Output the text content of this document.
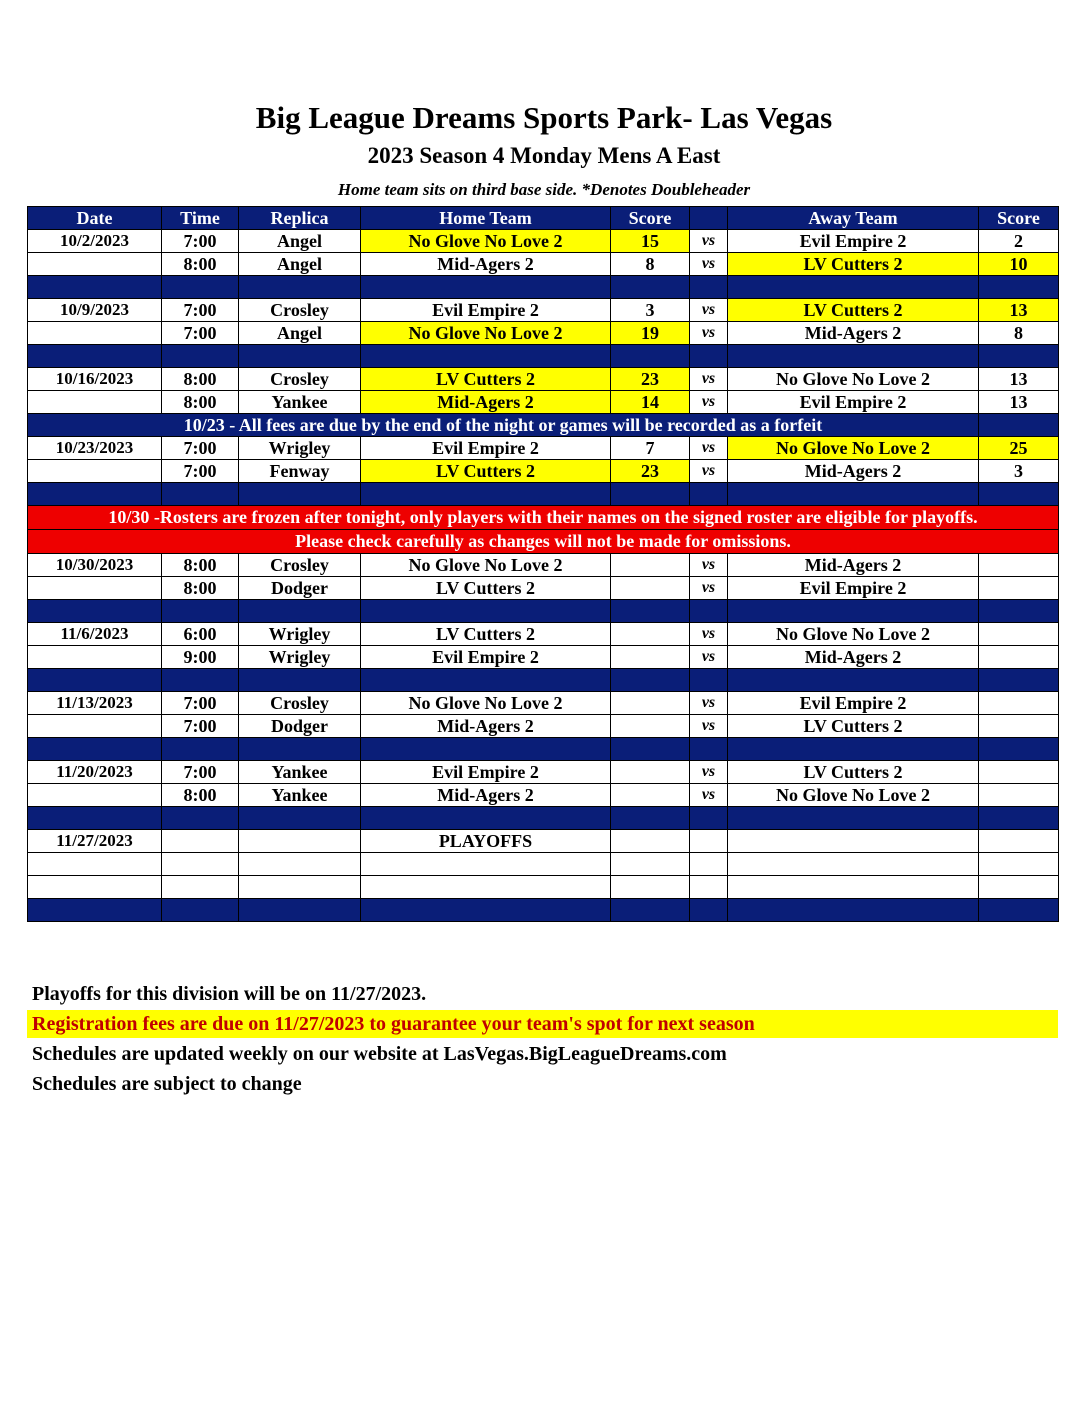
Big League Dreams Sports Park- Las Vegas
2023 Season 4 Monday Mens A East
Home team sits on third base side. *Denotes Doubleheader
Date	Time	Replica	Home Team	Score		Away Team	Score
10/2/2023	7:00	Angel	No Glove No Love 2	15	vs	Evil Empire 2	2
	8:00	Angel	Mid-Agers 2	8	vs	LV Cutters 2	10

10/9/2023	7:00	Crosley	Evil Empire 2	3	vs	LV Cutters 2	13
	7:00	Angel	No Glove No Love 2	19	vs	Mid-Agers 2	8

10/16/2023	8:00	Crosley	LV Cutters 2	23	vs	No Glove No Love 2	13
	8:00	Yankee	Mid-Agers 2	14	vs	Evil Empire 2	13
10/23 - All fees are due by the end of the night or games will be recorded as a forfeit							
10/23/2023	7:00	Wrigley	Evil Empire 2	7	vs	No Glove No Love 2	25
	7:00	Fenway	LV Cutters 2	23	vs	Mid-Agers 2	3

10/30 -Rosters are frozen after tonight, only players with their names on the signed roster are eligible for playoffs.							
Please check carefully as changes will not be made for omissions.							
10/30/2023	8:00	Crosley	No Glove No Love 2		vs	Mid-Agers 2	
	8:00	Dodger	LV Cutters 2		vs	Evil Empire 2	

11/6/2023	6:00	Wrigley	LV Cutters 2		vs	No Glove No Love 2	
	9:00	Wrigley	Evil Empire 2		vs	Mid-Agers 2	

11/13/2023	7:00	Crosley	No Glove No Love 2		vs	Evil Empire 2	
	7:00	Dodger	Mid-Agers 2		vs	LV Cutters 2	

11/20/2023	7:00	Yankee	Evil Empire 2		vs	LV Cutters 2	
	8:00	Yankee	Mid-Agers 2		vs	No Glove No Love 2	

11/27/2023			PLAYOFFS				

Playoffs for this division will be on 11/27/2023.
Registration fees are due on 11/27/2023 to guarantee your team's spot for next season
Schedules are updated weekly on our website at LasVegas.BigLeagueDreams.com
Schedules are subject to change
